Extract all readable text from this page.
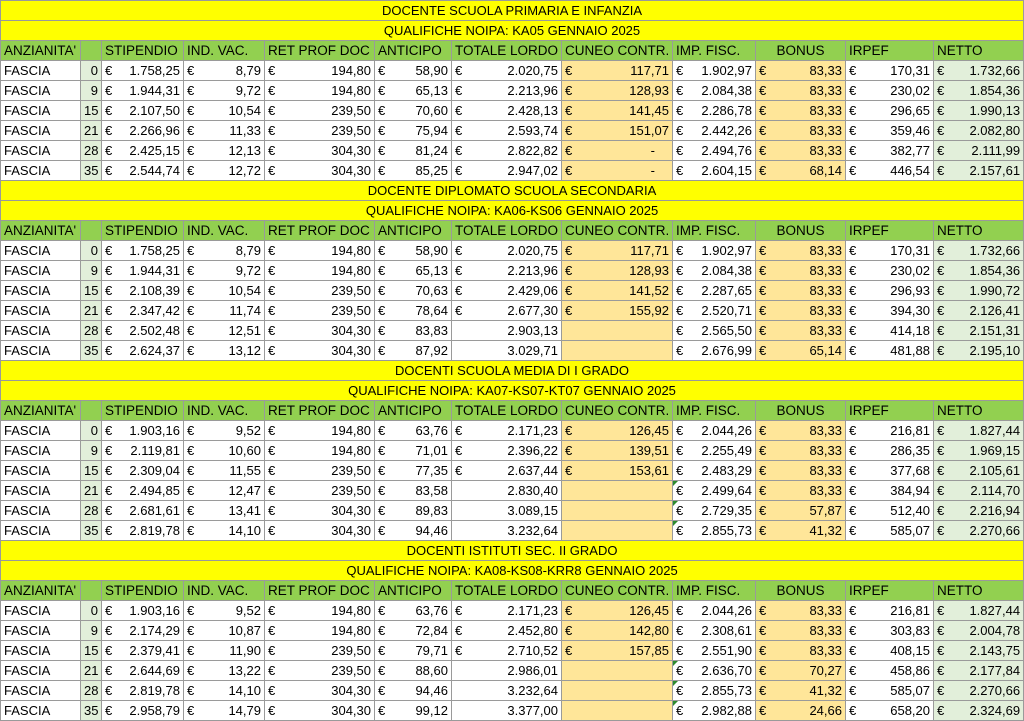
DOCENTE SCUOLA PRIMARIA E INFANZIA											
QUALIFICHE NOIPA: KA05 GENNAIO 2025											
ANZIANITA'		STIPENDIO	IND. VAC.	RET PROF DOC	ANTICIPO	TOTALE LORDO	CUNEO CONTR.	IMP. FISC.	BONUS	IRPEF	NETTO
FASCIA	0	€ 1.758,25	€ 8,79	€ 194,80	€ 58,90	€ 2.020,75	€ 117,71	€ 1.902,97	€ 83,33	€ 170,31	€ 1.732,66

FASCIA	9	€ 1.944,31	€ 9,72	€ 194,80	€ 65,13	€ 2.213,96	€ 128,93	€ 2.084,38	€ 83,33	€ 230,02	€ 1.854,36

FASCIA	15	€ 2.107,50	€ 10,54	€ 239,50	€ 70,60	€ 2.428,13	€ 141,45	€ 2.286,78	€ 83,33	€ 296,65	€ 1.990,13

FASCIA	21	€ 2.266,96	€ 11,33	€ 239,50	€ 75,94	€ 2.593,74	€ 151,07	€ 2.442,26	€ 83,33	€ 359,46	€ 2.082,80

FASCIA	28	€ 2.425,15	€ 12,13	€ 304,30	€ 81,24	€ 2.822,82	€ -	€ 2.494,76	€ 83,33	€ 382,77	€ 2.111,99

FASCIA	35	€ 2.544,74	€ 12,72	€ 304,30	€ 85,25	€ 2.947,02	€ -	€ 2.604,15	€ 68,14	€ 446,54	€ 2.157,61

DOCENTE DIPLOMATO SCUOLA SECONDARIA											
QUALIFICHE NOIPA: KA06-KS06 GENNAIO 2025											
ANZIANITA'		STIPENDIO	IND. VAC.	RET PROF DOC	ANTICIPO	TOTALE LORDO	CUNEO CONTR.	IMP. FISC.	BONUS	IRPEF	NETTO
FASCIA	0	€ 1.758,25	€ 8,79	€ 194,80	€ 58,90	€ 2.020,75	€ 117,71	€ 1.902,97	€ 83,33	€ 170,31	€ 1.732,66

FASCIA	9	€ 1.944,31	€ 9,72	€ 194,80	€ 65,13	€ 2.213,96	€ 128,93	€ 2.084,38	€ 83,33	€ 230,02	€ 1.854,36

FASCIA	15	€ 2.108,39	€ 10,54	€ 239,50	€ 70,63	€ 2.429,06	€ 141,52	€ 2.287,65	€ 83,33	€ 296,93	€ 1.990,72

FASCIA	21	€ 2.347,42	€ 11,74	€ 239,50	€ 78,64	€ 2.677,30	€ 155,92	€ 2.520,71	€ 83,33	€ 394,30	€ 2.126,41

FASCIA	28	€ 2.502,48	€ 12,51	€ 304,30	€ 83,83	2.903,13		€ 2.565,50	€ 83,33	€ 414,18	€ 2.151,31

FASCIA	35	€ 2.624,37	€ 13,12	€ 304,30	€ 87,92	3.029,71		€ 2.676,99	€ 65,14	€ 481,88	€ 2.195,10

DOCENTI SCUOLA MEDIA DI I GRADO											
QUALIFICHE NOIPA: KA07-KS07-KT07 GENNAIO 2025											
ANZIANITA'		STIPENDIO	IND. VAC.	RET PROF DOC	ANTICIPO	TOTALE LORDO	CUNEO CONTR.	IMP. FISC.	BONUS	IRPEF	NETTO
FASCIA	0	€ 1.903,16	€ 9,52	€ 194,80	€ 63,76	€ 2.171,23	€ 126,45	€ 2.044,26	€ 83,33	€ 216,81	€ 1.827,44

FASCIA	9	€ 2.119,81	€ 10,60	€ 194,80	€ 71,01	€ 2.396,22	€ 139,51	€ 2.255,49	€ 83,33	€ 286,35	€ 1.969,15

FASCIA	15	€ 2.309,04	€ 11,55	€ 239,50	€ 77,35	€ 2.637,44	€ 153,61	€ 2.483,29	€ 83,33	€ 377,68	€ 2.105,61

FASCIA	21	€ 2.494,85	€ 12,47	€ 239,50	€ 83,58	2.830,40		€ 2.499,64	€ 83,33	€ 384,94	€ 2.114,70

FASCIA	28	€ 2.681,61	€ 13,41	€ 304,30	€ 89,83	3.089,15		€ 2.729,35	€ 57,87	€ 512,40	€ 2.216,94

FASCIA	35	€ 2.819,78	€ 14,10	€ 304,30	€ 94,46	3.232,64		€ 2.855,73	€ 41,32	€ 585,07	€ 2.270,66

DOCENTI ISTITUTI SEC. II GRADO											
QUALIFICHE NOIPA: KA08-KS08-KRR8 GENNAIO 2025											
ANZIANITA'		STIPENDIO	IND. VAC.	RET PROF DOC	ANTICIPO	TOTALE LORDO	CUNEO CONTR.	IMP. FISC.	BONUS	IRPEF	NETTO
FASCIA	0	€ 1.903,16	€ 9,52	€ 194,80	€ 63,76	€ 2.171,23	€ 126,45	€ 2.044,26	€ 83,33	€ 216,81	€ 1.827,44

FASCIA	9	€ 2.174,29	€ 10,87	€ 194,80	€ 72,84	€ 2.452,80	€ 142,80	€ 2.308,61	€ 83,33	€ 303,83	€ 2.004,78

FASCIA	15	€ 2.379,41	€ 11,90	€ 239,50	€ 79,71	€ 2.710,52	€ 157,85	€ 2.551,90	€ 83,33	€ 408,15	€ 2.143,75

FASCIA	21	€ 2.644,69	€ 13,22	€ 239,50	€ 88,60	2.986,01		€ 2.636,70	€ 70,27	€ 458,86	€ 2.177,84

FASCIA	28	€ 2.819,78	€ 14,10	€ 304,30	€ 94,46	3.232,64		€ 2.855,73	€ 41,32	€ 585,07	€ 2.270,66

FASCIA	35	€ 2.958,79	€ 14,79	€ 304,30	€ 99,12	3.377,00		€ 2.982,88	€ 24,66	€ 658,20	€ 2.324,69
